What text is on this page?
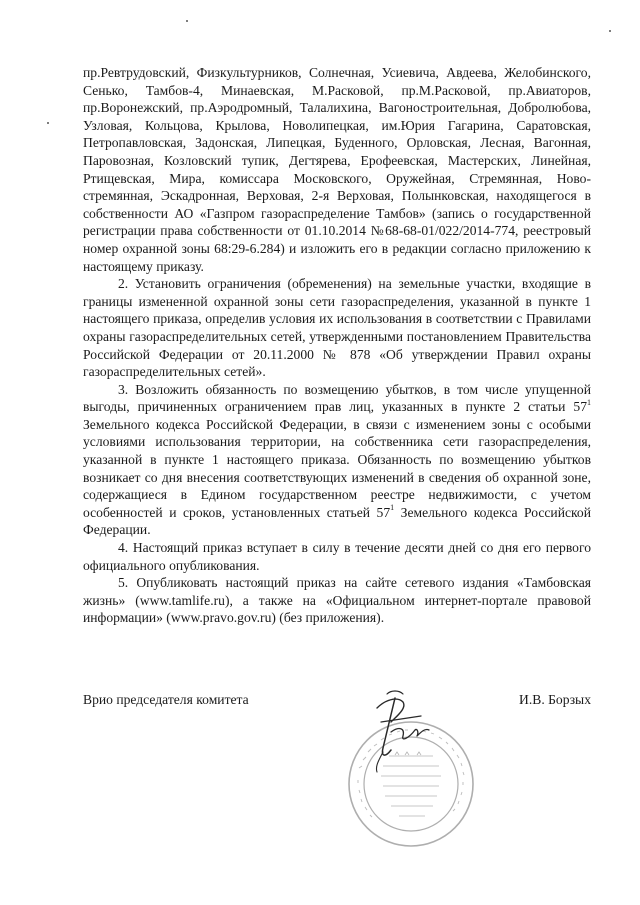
пр.Ревтрудовский, Физкультурников, Солнечная, Усиевича, Авдеева, Желобинского, Сенько, Тамбов-4, Минаевская, М.Расковой, пр.М.Расковой, пр.Авиаторов, пр.Воронежский, пр.Аэродромный, Талалихина, Вагоностроительная, Добролюбова, Узловая, Кольцова, Крылова, Новолипецкая, им.Юрия Гагарина, Саратовская, Петропавловская, Задонская, Липецкая, Буденного, Орловская, Лесная, Вагонная, Паровозная, Козловский тупик, Дегтярева, Ерофеевская, Мастерских, Линейная, Ртищевская, Мира, комиссара Московского, Оружейная, Стремянная, Ново-стремянная, Эскадронная, Верховая, 2-я Верховая, Полынковская, находящегося в собственности АО «Газпром газораспределение Тамбов» (запись о государственной регистрации права собственности от 01.10.2014 №68-68-01/022/2014-774, реестровый номер охранной зоны 68:29-6.284) и изложить его в редакции согласно приложению к настоящему приказу.

2. Установить ограничения (обременения) на земельные участки, входящие в границы измененной охранной зоны сети газораспределения, указанной в пункте 1 настоящего приказа, определив условия их использования в соответствии с Правилами охраны газораспределительных сетей, утвержденными постановлением Правительства Российской Федерации от 20.11.2000 № 878 «Об утверждении Правил охраны газораспределительных сетей».

3. Возложить обязанность по возмещению убытков, в том числе упущенной выгоды, причиненных ограничением прав лиц, указанных в пункте 2 статьи $57^1$ Земельного кодекса Российской Федерации, в связи с изменением зоны с особыми условиями использования территории, на собственника сети газораспределения, указанной в пункте 1 настоящего приказа. Обязанность по возмещению убытков возникает со дня внесения соответствующих изменений в сведения об охранной зоне, содержащиеся в Едином государственном реестре недвижимости, с учетом особенностей и сроков, установленных статьей $57^1$ Земельного кодекса Российской Федерации.

4. Настоящий приказ вступает в силу в течение десяти дней со дня его первого официального опубликования.

5. Опубликовать настоящий приказ на сайте сетевого издания «Тамбовская жизнь» (www.tamlife.ru), а также на «Официальном интернет-портале правовой информации» (www.pravo.gov.ru) (без приложения).

Врио председателя комитета	И.В. Борзых
